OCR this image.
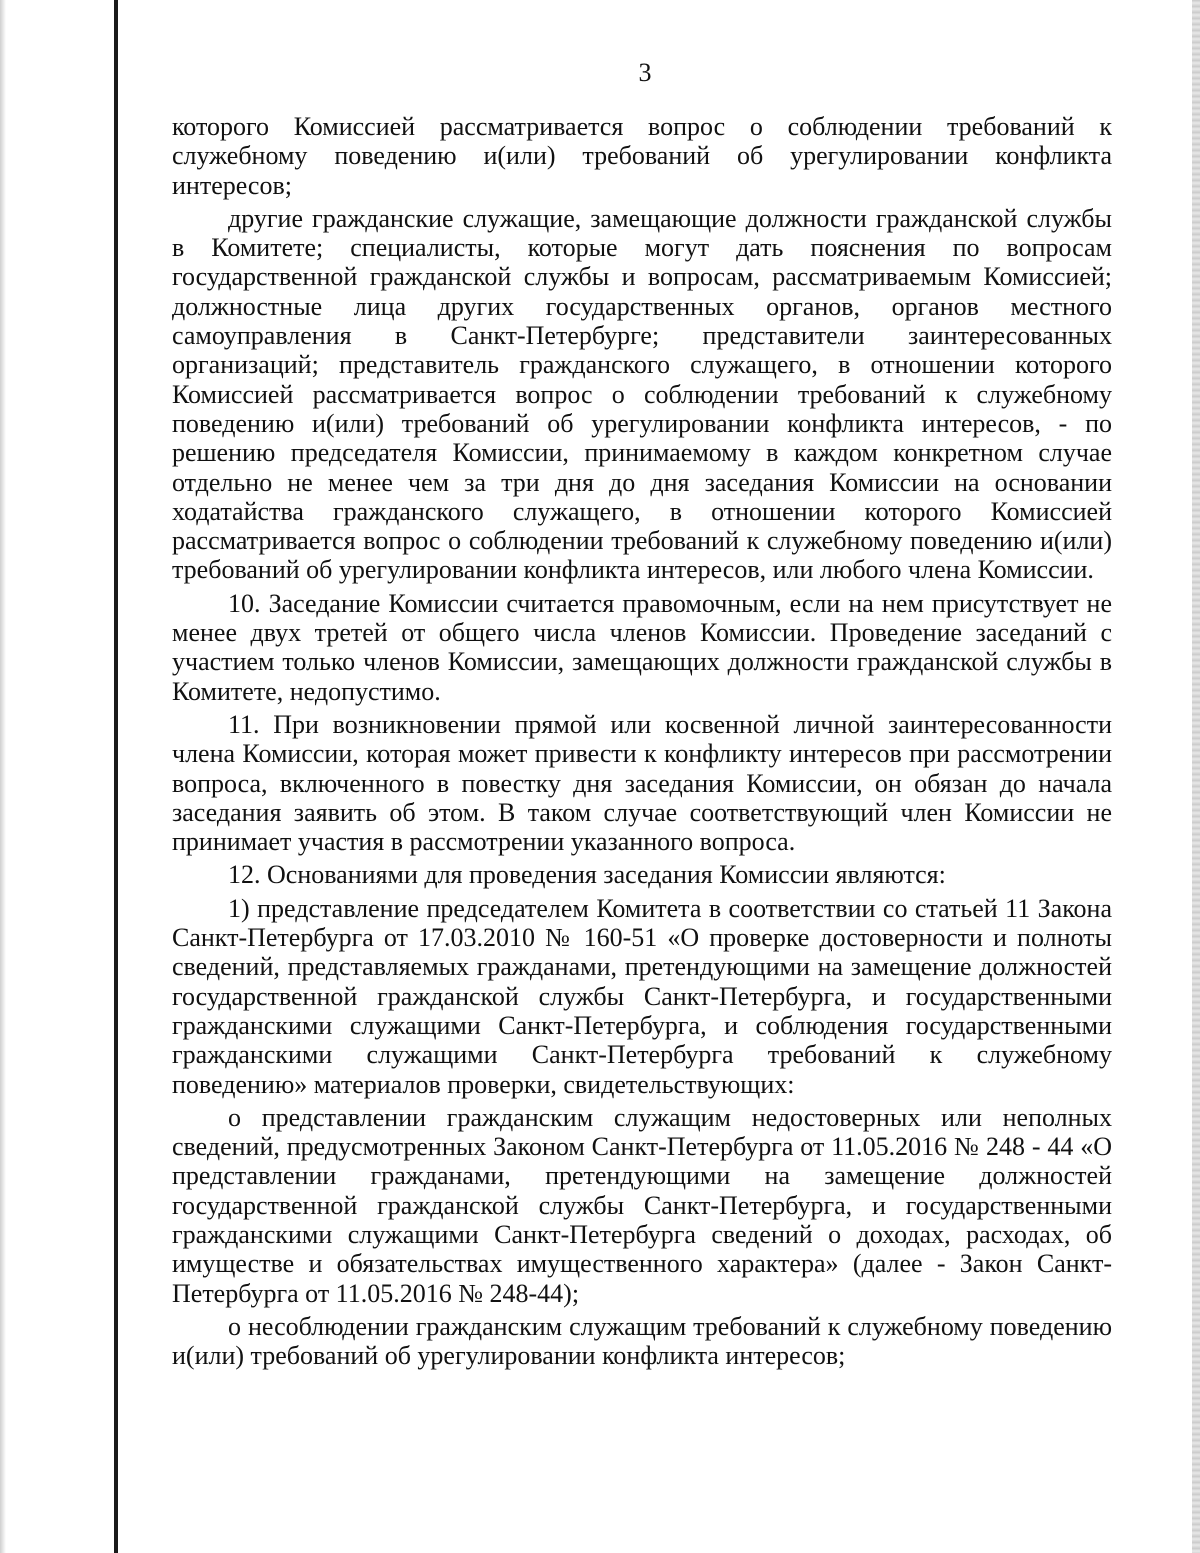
3

которого Комиссией рассматривается вопрос о соблюдении требований к служебному поведению и(или) требований об урегулировании конфликта интересов;

другие гражданские служащие, замещающие должности гражданской службы в Комитете; специалисты, которые могут дать пояснения по вопросам государственной гражданской службы и вопросам, рассматриваемым Комиссией; должностные лица других государственных органов, органов местного самоуправления в Санкт-Петербурге; представители заинтересованных организаций; представитель гражданского служащего, в отношении которого Комиссией рассматривается вопрос о соблюдении требований к служебному поведению и(или) требований об урегулировании конфликта интересов, - по решению председателя Комиссии, принимаемому в каждом конкретном случае отдельно не менее чем за три дня до дня заседания Комиссии на основании ходатайства гражданского служащего, в отношении которого Комиссией рассматривается вопрос о соблюдении требований к служебному поведению и(или) требований об урегулировании конфликта интересов, или любого члена Комиссии.

10. Заседание Комиссии считается правомочным, если на нем присутствует не менее двух третей от общего числа членов Комиссии. Проведение заседаний с участием только членов Комиссии, замещающих должности гражданской службы в Комитете, недопустимо.

11. При возникновении прямой или косвенной личной заинтересованности члена Комиссии, которая может привести к конфликту интересов при рассмотрении вопроса, включенного в повестку дня заседания Комиссии, он обязан до начала заседания заявить об этом. В таком случае соответствующий член Комиссии не принимает участия в рассмотрении указанного вопроса.

12. Основаниями для проведения заседания Комиссии являются:

1) представление председателем Комитета в соответствии со статьей 11 Закона Санкт-Петербурга от 17.03.2010 № 160-51 «О проверке достоверности и полноты сведений, представляемых гражданами, претендующими на замещение должностей государственной гражданской службы Санкт-Петербурга, и государственными гражданскими служащими Санкт-Петербурга, и соблюдения государственными гражданскими служащими Санкт-Петербурга требований к служебному поведению» материалов проверки, свидетельствующих:

о представлении гражданским служащим недостоверных или неполных сведений, предусмотренных Законом Санкт-Петербурга от 11.05.2016 № 248 - 44 «О представлении гражданами, претендующими на замещение должностей государственной гражданской службы Санкт-Петербурга, и государственными гражданскими служащими Санкт-Петербурга сведений о доходах, расходах, об имуществе и обязательствах имущественного характера» (далее - Закон Санкт-Петербурга от 11.05.2016 № 248-44);

о несоблюдении гражданским служащим требований к служебному поведению и(или) требований об урегулировании конфликта интересов;
